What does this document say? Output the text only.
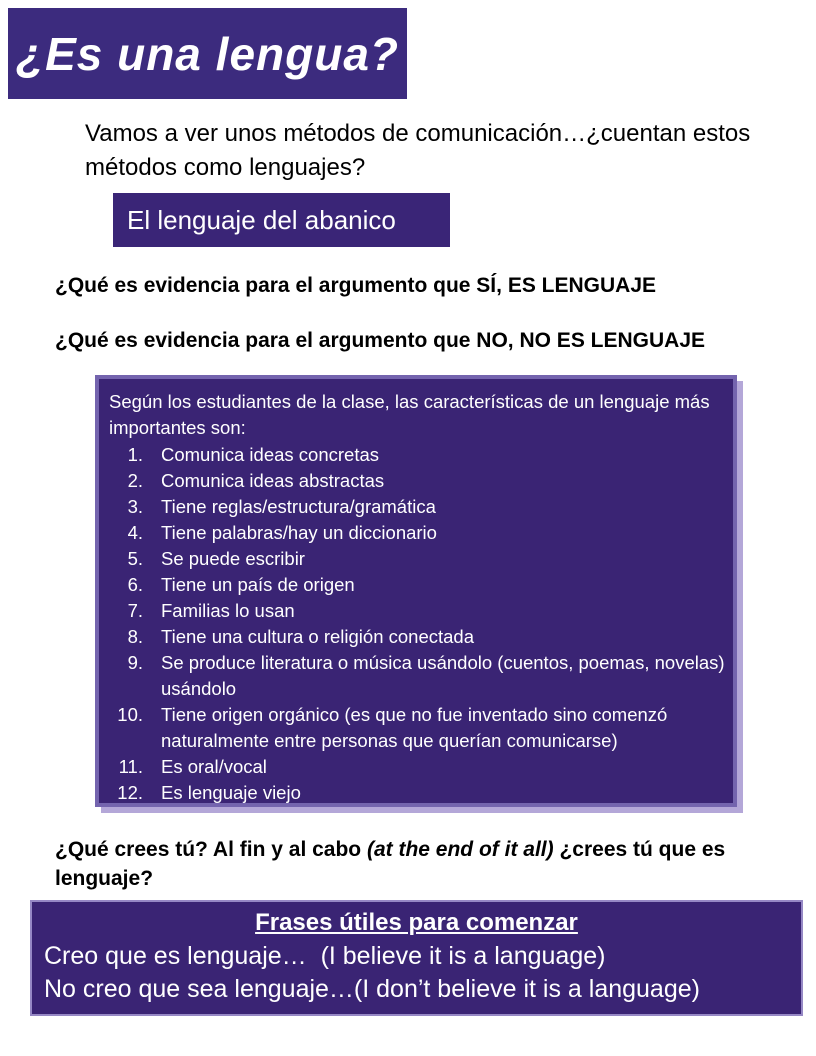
¿Es una lengua?

Vamos a ver unos métodos de comunicación…¿cuentan estos métodos como lenguajes?

El lenguaje del abanico

¿Qué es evidencia para el argumento que SÍ, ES LENGUAJE

¿Qué es evidencia para el argumento que NO, NO ES LENGUAJE

Según los estudiantes de la clase, las características de un lenguaje más importantes son:
1. Comunica ideas concretas
2. Comunica ideas abstractas
3. Tiene reglas/estructura/gramática
4. Tiene palabras/hay un diccionario
5. Se puede escribir
6. Tiene un país de origen
7. Familias lo usan
8. Tiene una cultura o religión conectada
9. Se produce literatura o música usándolo (cuentos, poemas, novelas) usándolo
10. Tiene origen orgánico (es que no fue inventado sino comenzó naturalmente entre personas que querían comunicarse)
11. Es oral/vocal
12. Es lenguaje viejo

¿Qué crees tú? Al fin y al cabo (at the end of it all) ¿crees tú que es lenguaje?

Frases útiles para comenzar

Creo que es lenguaje…  (I believe it is a language)

No creo que sea lenguaje…(I don’t believe it is a language)
